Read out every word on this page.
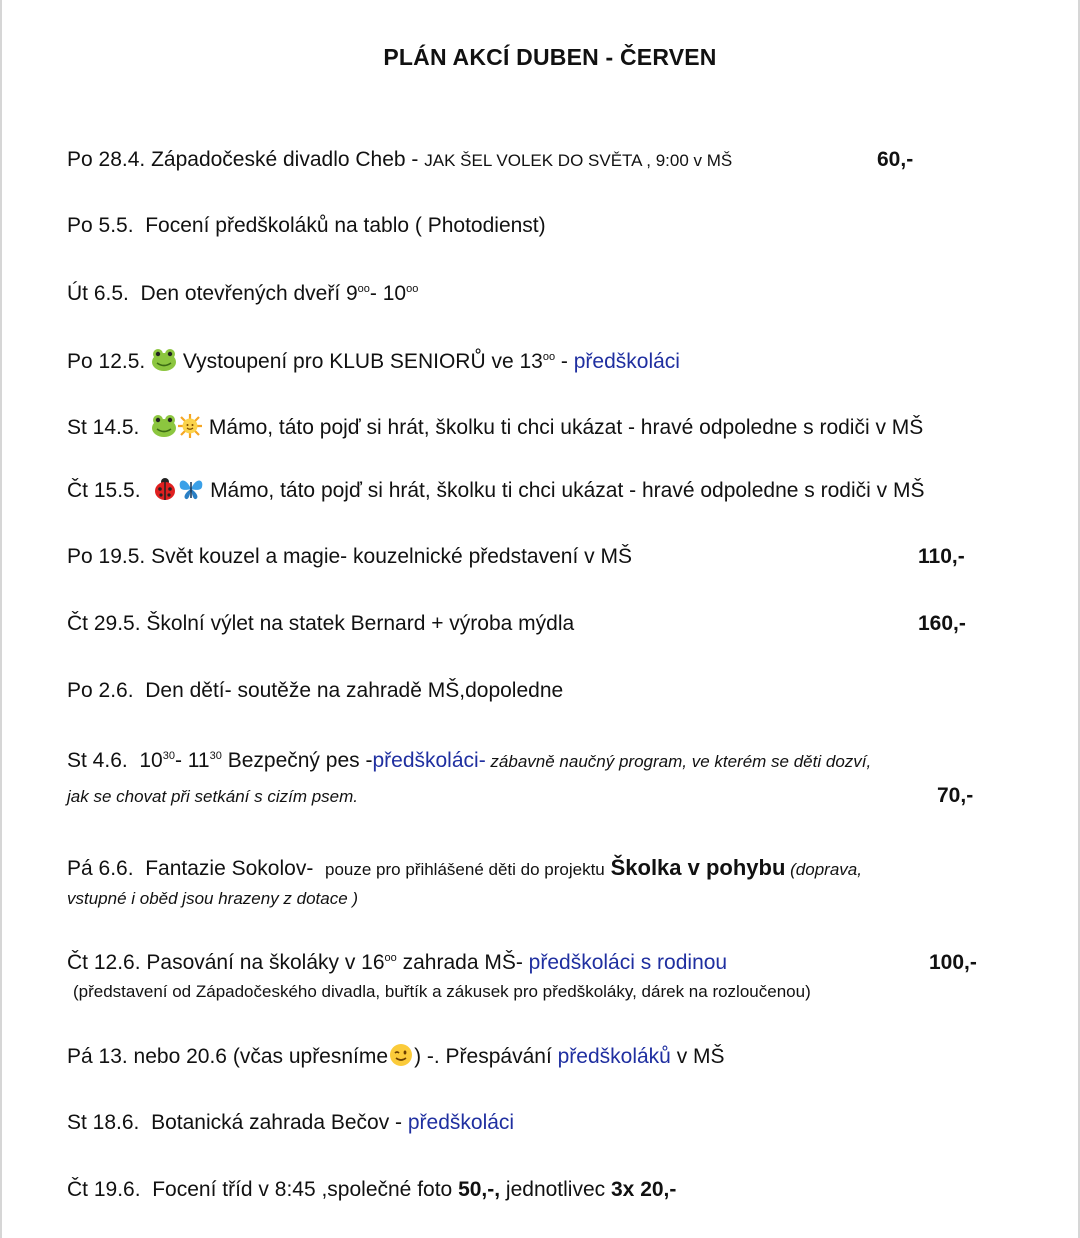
PLÁN AKCÍ DUBEN - ČERVEN
Po 28.4. Západočeské divadlo Cheb - JAK ŠEL VOLEK DO SVĚTA , 9:00 v MŠ	60,-
Po 5.5. Focení předškoláků na tablo ( Photodienst)
Út 6.5. Den otevřených dveří $9^{oo}-$ $10^{oo}$
Po 12.5. Vystoupení pro KLUB SENIORŮ ve $13^{oo}$ - předškoláci
St 14.5.	Mámo, táto pojď si hrát, školku ti chci ukázat - hravé odpoledne s rodiči v MŠ
Čt 15.5.	Mámo, táto pojď si hrát, školku ti chci ukázat - hravé odpoledne s rodiči v MŠ
Po 19.5. Svět kouzel a magie- kouzelnické představení v MŠ	110,-
Čt 29.5. Školní výlet na statek Bernard + výroba mýdla	160,-
Po 2.6. Den dětí- soutěže na zahradě MŠ,dopoledne
St 4.6. $10^{30}-$ $11^{30}$ Bezpečný pes -předškoláci- zábavně naučný program, ve kterém se děti dozví,
jak se chovat při setkání s cizím psem.	70,-
Pá 6.6. Fantazie Sokolov- pouze pro přihlášené děti do projektu Školka v pohybu (doprava,
vstupné i oběd jsou hrazeny z dotace )
Čt 12.6. Pasování na školáky v $16^{oo}$ zahrada MŠ- předškoláci s rodinou	100,-
(představení od Západočeského divadla, buřtík a zákusek pro předškoláky, dárek na rozloučenou)
Pá 13. nebo 20.6 (včas upřesníme ) -. Přespávání předškoláků v MŠ
St 18.6. Botanická zahrada Bečov - předškoláci
Čt 19.6. Focení tříd v 8:45 ,společné foto 50,-, jednotlivec 3x 20,-
